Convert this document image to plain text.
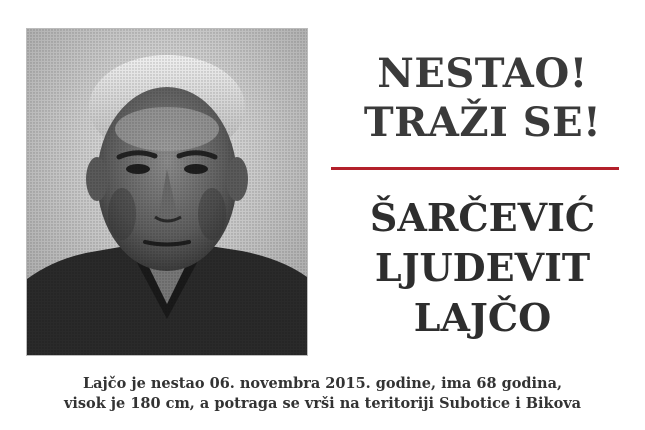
NESTAO!
TRAŽI SE!
ŠARČEVIĆ
LJUDEVIT
LAJČO
Lajčo je nestao 06. novembra 2015. godine, ima 68 godina,
visok je 180 cm, a potraga se vrši na teritoriji Subotice i Bikova
